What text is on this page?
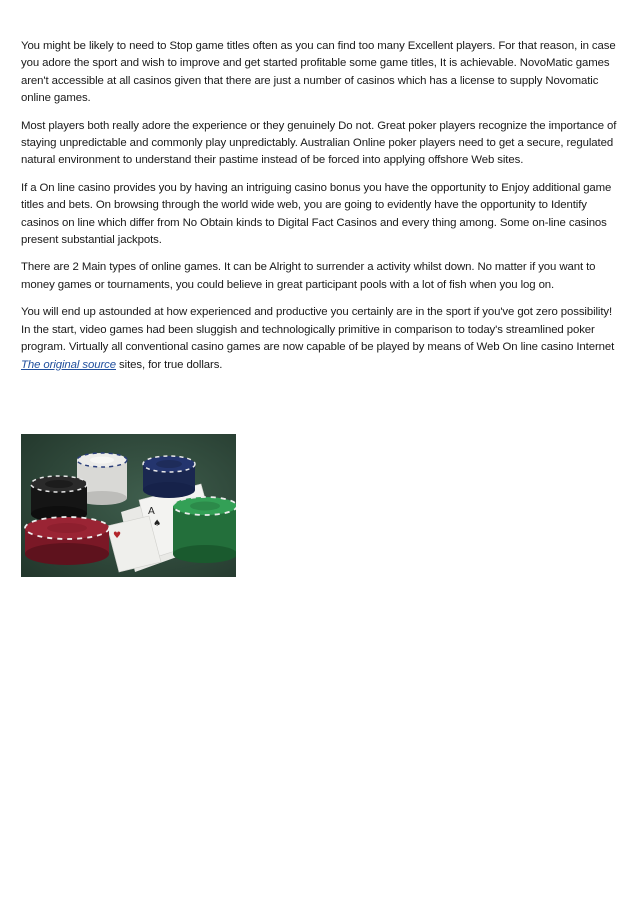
You might be likely to need to Stop game titles often as you can find too many Excellent players. For that reason, in case you adore the sport and wish to improve and get started profitable some game titles, It is achievable. NovoMatic games aren't accessible at all casinos given that there are just a number of casinos which has a license to supply Novomatic online games.

Most players both really adore the experience or they genuinely Do not. Great poker players recognize the importance of staying unpredictable and commonly play unpredictably. Australian Online poker players need to get a secure, regulated natural environment to understand their pastime instead of be forced into applying offshore Web sites.

If a On line casino provides you by having an intriguing casino bonus you have the opportunity to Enjoy additional game titles and bets. On browsing through the world wide web, you are going to evidently have the opportunity to Identify casinos on line which differ from No Obtain kinds to Digital Fact Casinos and every thing among. Some on-line casinos present substantial jackpots.

There are 2 Main types of online games. It can be Alright to surrender a activity whilst down. No matter if you want to money games or tournaments, you could believe in great participant pools with a lot of fish when you log on.

You will end up astounded at how experienced and productive you certainly are in the sport if you've got zero possibility! In the start, video games had been sluggish and technologically primitive in comparison to today's streamlined poker program. Virtually all conventional casino games are now capable of be played by means of Web On line casino Internet The original source sites, for true dollars.

A
♠
♥
